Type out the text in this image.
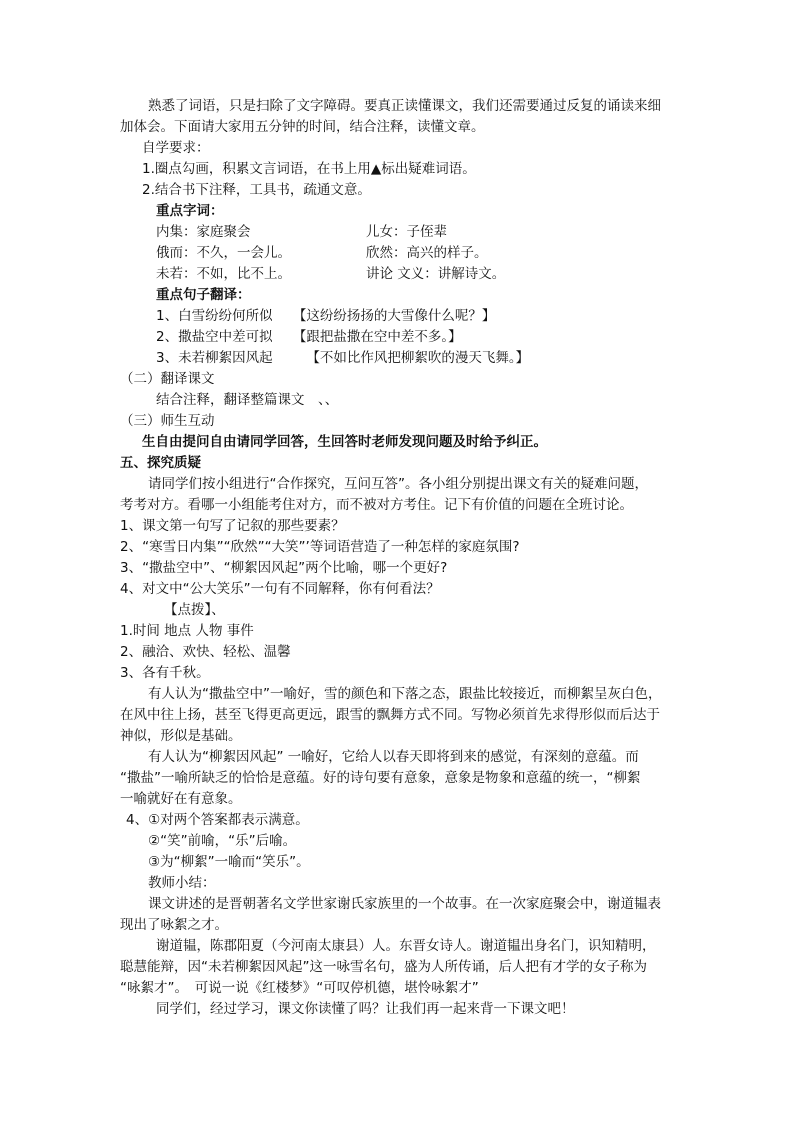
熟悉了词语，只是扫除了文字障碍。要真正读懂课文，我们还需要通过反复的诵读来细
加体会。下面请大家用五分钟的时间，结合注释，读懂文章。
自学要求：
1.圈点勾画，积累文言词语，在书上用▲标出疑难词语。
2.结合书下注释，工具书，疏通文意。
重点字词：
内集：家庭聚会	儿女：子侄辈
俄而：不久，一会儿。	欣然：高兴的样子。
未若：不如，比不上。	讲论 文义：讲解诗文。
重点句子翻译：
1、白雪纷纷何所似　　【这纷纷扬扬的大雪像什么呢？】
2、撒盐空中差可拟　　【跟把盐撒在空中差不多。】
3、未若柳絮因风起　　　【不如比作风把柳絮吹的漫天飞舞。】
（二）翻译课文
结合注释，翻译整篇课文　、、
（三）师生互动
生自由提问自由请同学回答，生回答时老师发现问题及时给予纠正。
五、探究质疑
请同学们按小组进行“合作探究，互问互答”。各小组分别提出课文有关的疑难问题，
考考对方。看哪一小组能考住对方，而不被对方考住。记下有价值的问题在全班讨论。
1、课文第一句写了记叙的那些要素？
2、“寒雪日内集”“欣然”“大笑”’等词语营造了一种怎样的家庭氛围?
3、“撒盐空中”、“柳絮因风起”两个比喻，哪一个更好?
4、对文中“公大笑乐”一句有不同解释，你有何看法？
【点拨】、
1.时间 地点 人物 事件
2、融洽、欢快、轻松、温馨
3、各有千秋。
有人认为“撒盐空中”一喻好，雪的颜色和下落之态，跟盐比较接近，而柳絮呈灰白色，
在风中往上扬，甚至飞得更高更远，跟雪的飘舞方式不同。写物必须首先求得形似而后达于
神似，形似是基础。
有人认为“柳絮因风起” 一喻好，它给人以春天即将到来的感觉，有深刻的意蕴。而
“撒盐”一喻所缺乏的恰恰是意蕴。好的诗句要有意象，意象是物象和意蕴的统一，“柳絮
一喻就好在有意象。
4、①对两个答案都表示满意。
②“笑”前喻，“乐”后喻。
③为“柳絮”一喻而“笑乐”。
教师小结：
课文讲述的是晋朝著名文学世家谢氏家族里的一个故事。在一次家庭聚会中，谢道韫表
现出了咏絮之才。
谢道韫，陈郡阳夏（今河南太康县）人。东晋女诗人。谢道韫出身名门，识知精明，
聪慧能辩，因“未若柳絮因风起”这一咏雪名句，盛为人所传诵，后人把有才学的女子称为
“咏絮才”。　可说一说《红楼梦》“可叹停机德，堪怜咏絮才”
同学们，经过学习，课文你读懂了吗？让我们再一起来背一下课文吧！
